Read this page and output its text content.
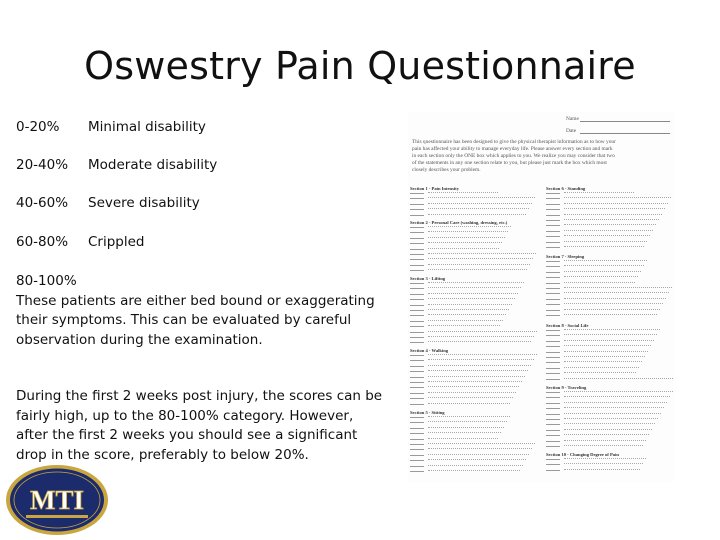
Oswestry Pain Questionnaire
0-20%	Minimal disability
20-40%	Moderate disability
40-60%	Severe disability
60-80%	Crippled
80-100%
These patients are either bed bound or exaggerating their symptoms. This can be evaluated by careful observation during the examination.
During the first 2 weeks post injury, the scores can be fairly high, up to the 80-100% category. However, after the first 2 weeks you should see a significant drop in the score, preferably to below 20%.
MTI
Name
Date
This questionnaire has been designed to give the physical therapist information as to how your
pain has affected your ability to manage everyday life. Please answer every section and mark
in each section only the ONE box which applies to you. We realize you may consider that two
of the statements in any one section relate to you, but please just mark the box which most
closely describes your problem.
Section 1 - Pain Intensity
Section 2 - Personal Care (washing, dressing, etc.)
Section 3 - Lifting
Section 4 - Walking
Section 5 - Sitting
Section 6 - Standing
Section 7 - Sleeping
Section 8 - Social Life
Section 9 - Traveling
Section 10 - Changing Degree of Pain
